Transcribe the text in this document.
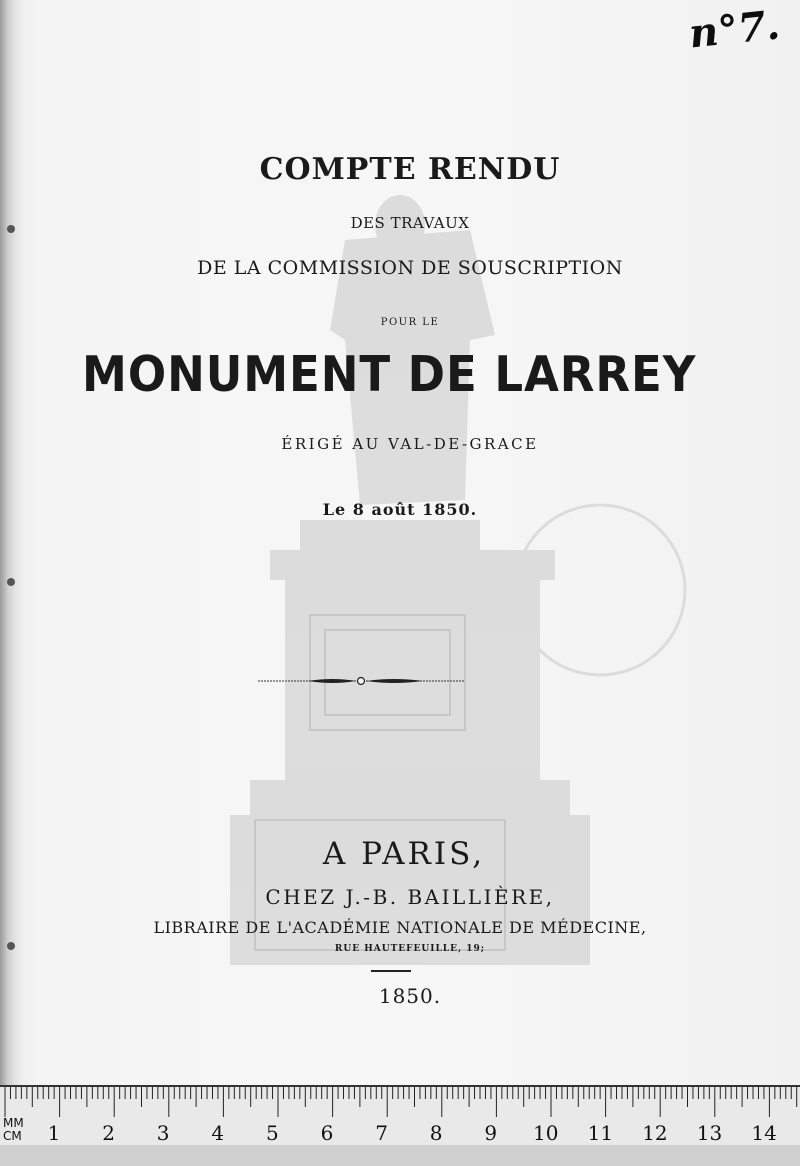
n°7.
COMPTE RENDU
DES TRAVAUX
DE LA COMMISSION DE SOUSCRIPTION
POUR LE
MONUMENT DE LARREY
ÉRIGÉ AU VAL-DE-GRACE
Le 8 août 1850.
A PARIS,
CHEZ J.-B. BAILLIÈRE,
LIBRAIRE DE L'ACADÉMIE NATIONALE DE MÉDECINE,
RUE HAUTEFEUILLE, 19;
1850.
MM
CM 1 2 3 4 5 6 7 8 9 10 11 12 13 14
